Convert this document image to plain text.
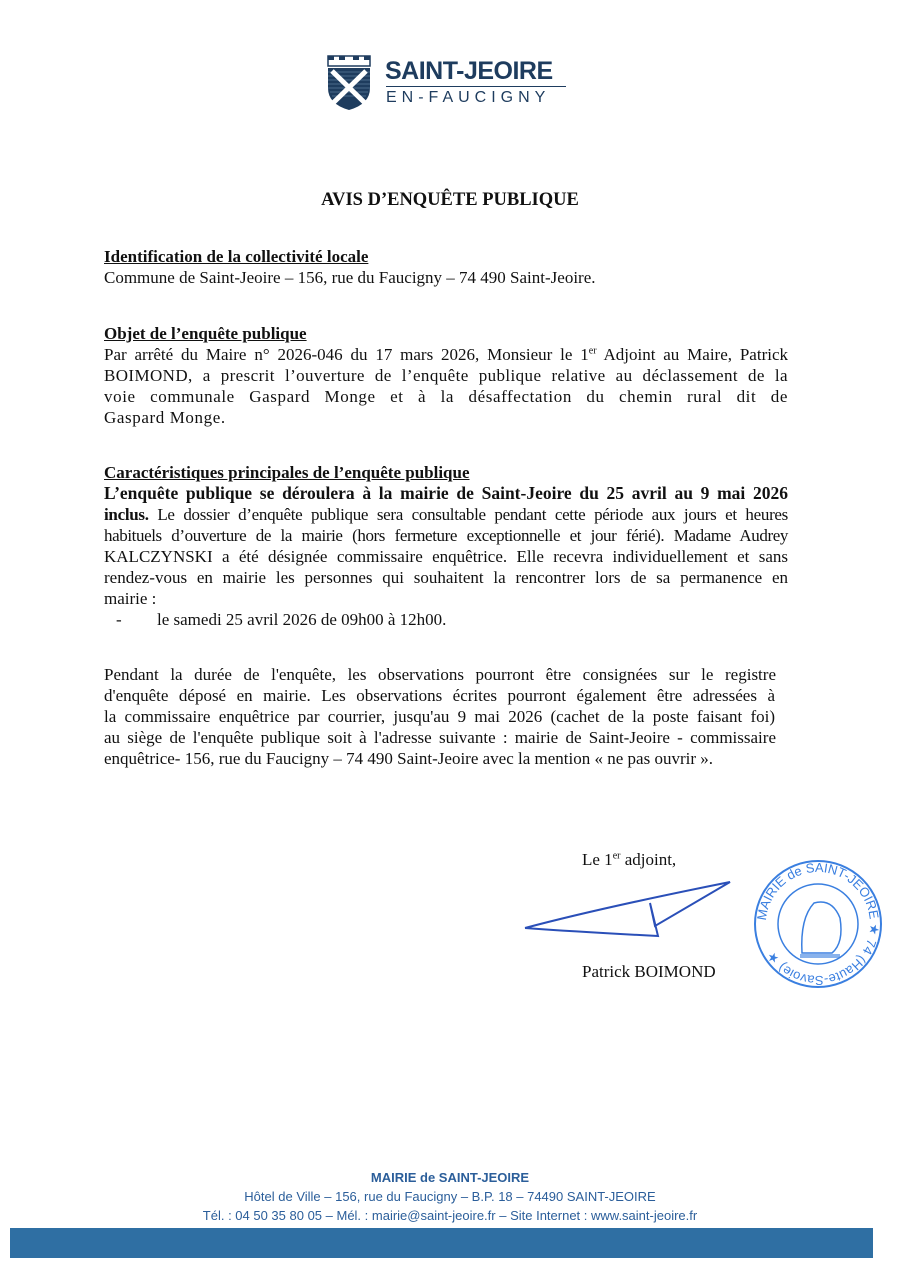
SAINT-JEOIRE
EN-FAUCIGNY
AVIS D’ENQUÊTE PUBLIQUE
Identification de la collectivité locale
Commune de Saint-Jeoire – 156, rue du Faucigny – 74 490 Saint-Jeoire.
Objet de l’enquête publique
Par arrêté du Maire n° 2026-046 du 17 mars 2026, Monsieur le 1er Adjoint au Maire, Patrick
BOIMOND, a prescrit l’ouverture de l’enquête publique relative au déclassement de la
voie communale Gaspard Monge et à la désaffectation du chemin rural dit de
Gaspard Monge.
Caractéristiques principales de l’enquête publique
L’enquête publique se déroulera à la mairie de Saint-Jeoire du 25 avril au 9 mai 2026
inclus. Le dossier d’enquête publique sera consultable pendant cette période aux jours et heures
habituels d’ouverture de la mairie (hors fermeture exceptionnelle et jour férié). Madame Audrey
KALCZYNSKI a été désignée commissaire enquêtrice. Elle recevra individuellement et sans
rendez-vous en mairie les personnes qui souhaitent la rencontrer lors de sa permanence en
mairie :
- le samedi 25 avril 2026 de 09h00 à 12h00.
Pendant la durée de l'enquête, les observations pourront être consignées sur le registre
d'enquête déposé en mairie. Les observations écrites pourront également être adressées à
la commissaire enquêtrice par courrier, jusqu'au 9 mai 2026 (cachet de la poste faisant foi)
au siège de l'enquête publique soit à l'adresse suivante : mairie de Saint-Jeoire - commissaire
enquêtrice- 156, rue du Faucigny – 74 490 Saint-Jeoire avec la mention « ne pas ouvrir ».
Le 1er adjoint,
MAIRIE de SAINT-JEOIRE ★ 74 (Haute-Savoie) ★
Patrick BOIMOND
MAIRIE de SAINT-JEOIRE
Hôtel de Ville – 156, rue du Faucigny – B.P. 18 – 74490 SAINT-JEOIRE
Tél. : 04 50 35 80 05 – Mél. : mairie@saint-jeoire.fr – Site Internet : www.saint-jeoire.fr
